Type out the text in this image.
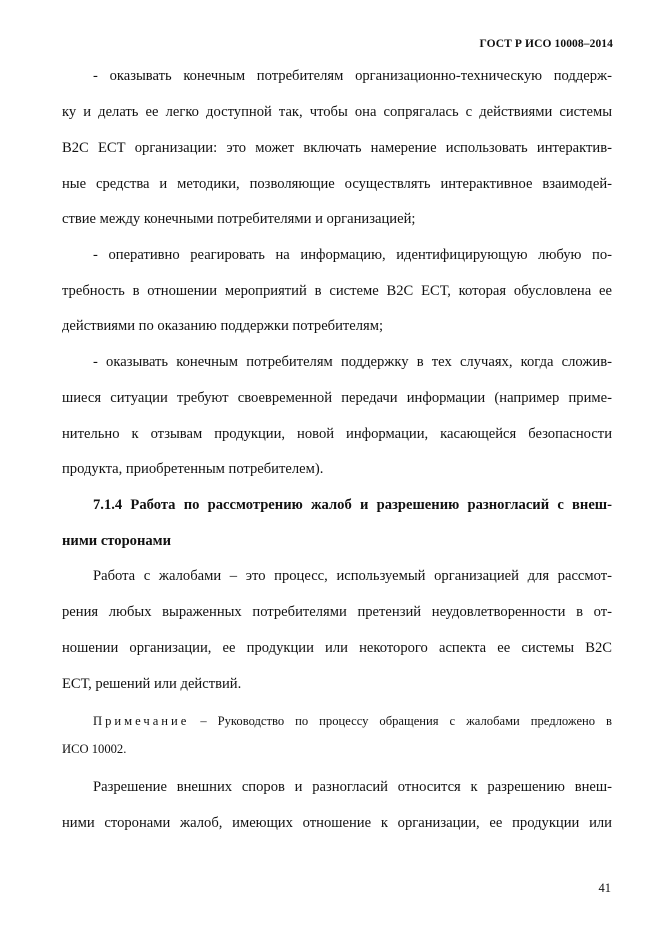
ГОСТ Р ИСО 10008–2014
- оказывать конечным потребителям организационно-техническую поддерж-
ку и делать ее легко доступной так, чтобы она сопрягалась с действиями системы
В2С ЕСТ организации: это может включать намерение использовать интерактив-
ные средства и методики, позволяющие осуществлять интерактивное взаимодей-
ствие между конечными потребителями и организацией;
- оперативно реагировать на информацию, идентифицирующую любую по-
требность в отношении мероприятий в системе В2С ЕСТ, которая обусловлена ее
действиями по оказанию поддержки потребителям;
- оказывать конечным потребителям поддержку в тех случаях, когда сложив-
шиеся ситуации требуют своевременной передачи информации (например приме-
нительно к отзывам продукции, новой информации, касающейся безопасности
продукта, приобретенным потребителем).
7.1.4 Работа по рассмотрению жалоб и разрешению разногласий с внеш-
ними сторонами
Работа с жалобами – это процесс, используемый организацией для рассмот-
рения любых выраженных потребителями претензий неудовлетворенности в от-
ношении организации, ее продукции или некоторого аспекта ее системы В2С
ЕСТ, решений или действий.
Примечание – Руководство по процессу обращения с жалобами предложено в
ИСО 10002.
Разрешение внешних споров и разногласий относится к разрешению внеш-
ними сторонами жалоб, имеющих отношение к организации, ее продукции или
41
